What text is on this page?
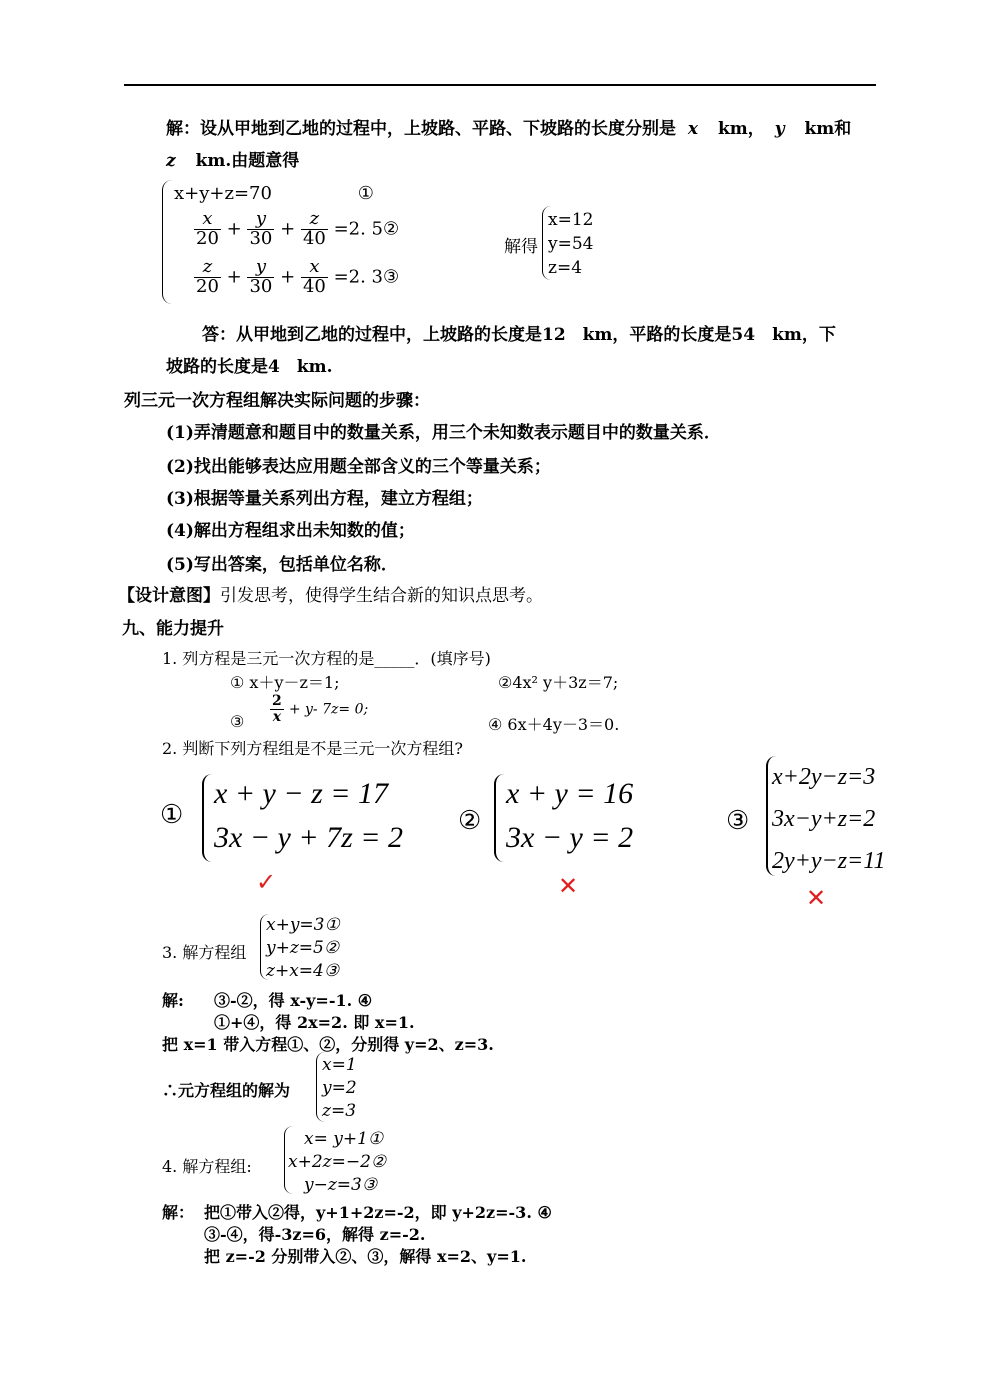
解：设从甲地到乙地的过程中，上坡路、平路、下坡路的长度分别是 x km， y km和
z km.由题意得
x+y+z=70	①
$\frac{x}{20} + \frac{y}{30} + \frac{z}{40} =2$. 5②
$\frac{z}{20} + \frac{y}{30} + \frac{x}{40} =2$. 3③
解得
x=12
y=54
z=4
答：从甲地到乙地的过程中，上坡路的长度是12　km，平路的长度是54　km，下
坡路的长度是4　km.
列三元一次方程组解决实际问题的步骤：
(1)弄清题意和题目中的数量关系，用三个未知数表示题目中的数量关系．
(2)找出能够表达应用题全部含义的三个等量关系；
(3)根据等量关系列出方程，建立方程组；
(4)解出方程组求出未知数的值；
(5)写出答案，包括单位名称．
【设计意图】引发思考，使得学生结合新的知识点思考。
九、能力提升
1. 列方程是三元一次方程的是_____．(填序号)
① x＋y－z＝1;	②4x² y＋3z＝7;
③ $\frac{2}{x} + y-$ 7z= 0;
④ 6x＋4y－3＝0.
2. 判断下列方程组是不是三元一次方程组?
①
x + y − z = 17
3x − y + 7z = 2
✓
②
x + y = 16
3x − y = 2
✕
③
x+2y−z=3
3x−y+z=2
2y+y−z=11
✕
3. 解方程组
x+y=3①
y+z=5②
z+x=4③
解: ③-②，得 x-y=-1. ④
①+④，得 2x=2. 即 x=1.
把 x=1 带入方程①、②，分别得 y=2、z=3.
∴元方程组的解为
x=1
y=2
z=3
4. 解方程组:
x= y+1①
x+2z=−2②
y−z=3③
解： 把①带入②得，y+1+2z=-2，即 y+2z=-3. ④
③-④，得-3z=6，解得 z=-2.
把 z=-2 分别带入②、③，解得 x=2、y=1.
